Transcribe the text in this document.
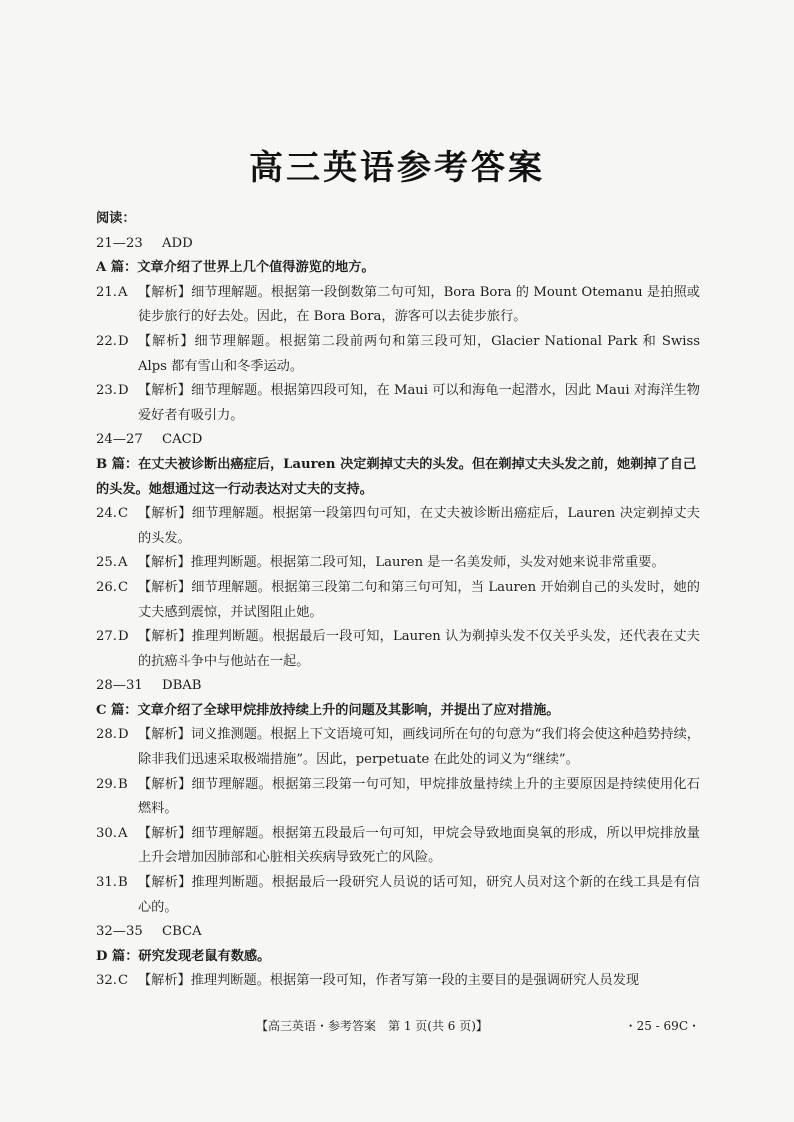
高三英语参考答案
阅读：
21—23 ADD
A 篇：文章介绍了世界上几个值得游览的地方。
21. A 【解析】细节理解题。根据第一段倒数第二句可知，Bora Bora 的 Mount Otemanu 是拍照或徒步旅行的好去处。因此，在 Bora Bora，游客可以去徒步旅行。
22. D 【解析】细节理解题。根据第二段前两句和第三段可知，Glacier National Park 和 Swiss Alps 都有雪山和冬季运动。
23. D 【解析】细节理解题。根据第四段可知，在 Maui 可以和海龟一起潜水，因此 Maui 对海洋生物爱好者有吸引力。
24—27 CACD
B 篇：在丈夫被诊断出癌症后，Lauren 决定剃掉丈夫的头发。但在剃掉丈夫头发之前，她剃掉了自己的头发。她想通过这一行动表达对丈夫的支持。
24. C 【解析】细节理解题。根据第一段第四句可知，在丈夫被诊断出癌症后，Lauren 决定剃掉丈夫的头发。
25. A 【解析】推理判断题。根据第二段可知，Lauren 是一名美发师，头发对她来说非常重要。
26. C 【解析】细节理解题。根据第三段第二句和第三句可知，当 Lauren 开始剃自己的头发时，她的丈夫感到震惊，并试图阻止她。
27. D 【解析】推理判断题。根据最后一段可知，Lauren 认为剃掉头发不仅关乎头发，还代表在丈夫的抗癌斗争中与他站在一起。
28—31 DBAB
C 篇：文章介绍了全球甲烷排放持续上升的问题及其影响，并提出了应对措施。
28. D 【解析】词义推测题。根据上下文语境可知，画线词所在句的句意为“我们将会使这种趋势持续，除非我们迅速采取极端措施”。因此，perpetuate 在此处的词义为“继续”。
29. B 【解析】细节理解题。根据第三段第一句可知，甲烷排放量持续上升的主要原因是持续使用化石燃料。
30. A 【解析】细节理解题。根据第五段最后一句可知，甲烷会导致地面臭氧的形成，所以甲烷排放量上升会增加因肺部和心脏相关疾病导致死亡的风险。
31. B 【解析】推理判断题。根据最后一段研究人员说的话可知，研究人员对这个新的在线工具是有信心的。
32—35 CBCA
D 篇：研究发现老鼠有数感。
32. C 【解析】推理判断题。根据第一段可知，作者写第一段的主要目的是强调研究人员发现
【高三英语・参考答案　第 1 页(共 6 页)】	・25 - 69C・
